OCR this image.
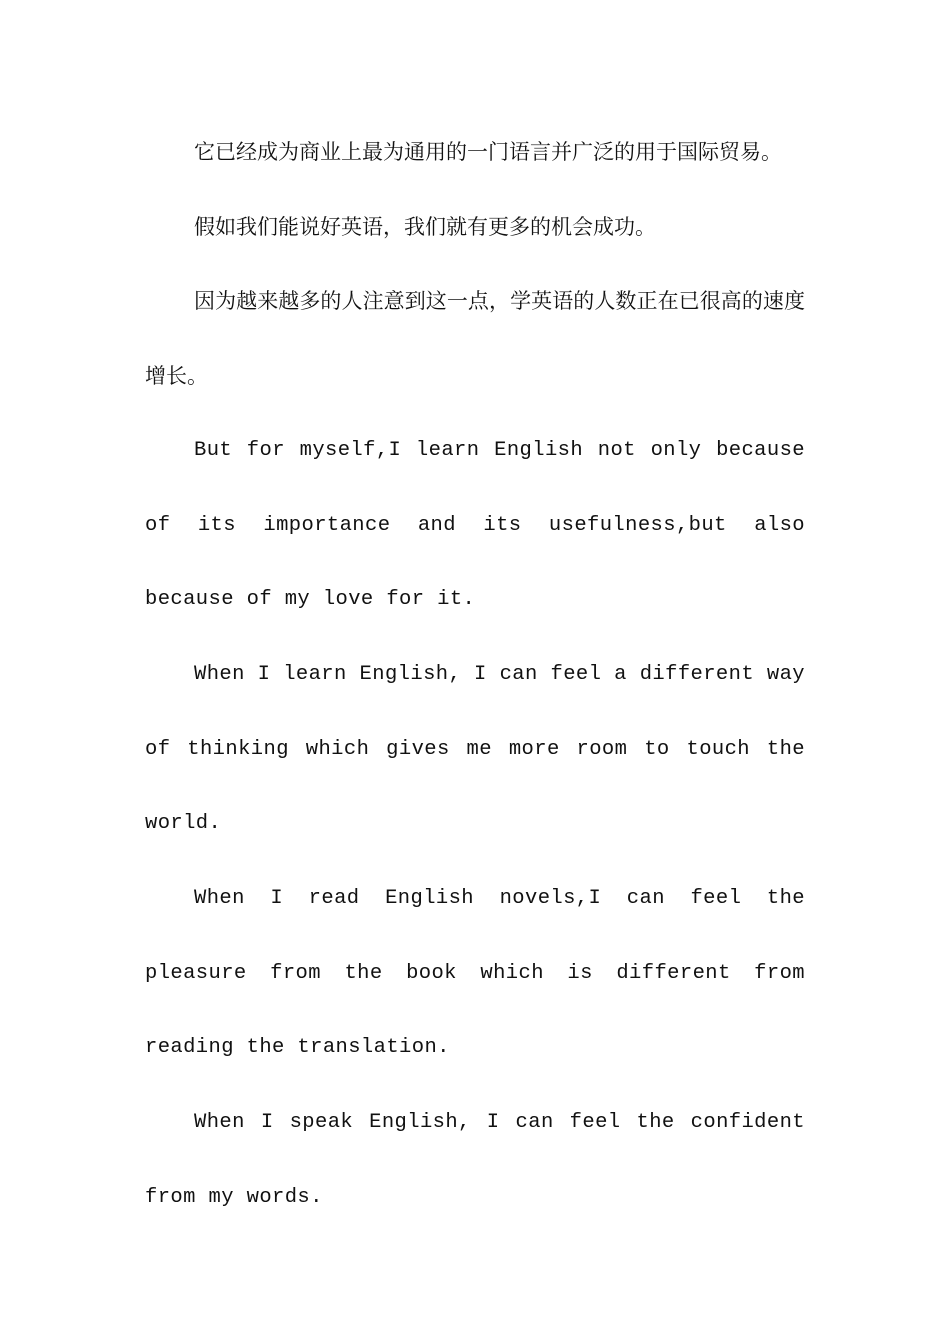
它已经成为商业上最为通用的一门语言并广泛的用于国际贸易。

假如我们能说好英语，我们就有更多的机会成功。

因为越来越多的人注意到这一点，学英语的人数正在已很高的速度增长。

But for myself,I learn English not only because of its importance and its usefulness,but also because of my love for it.

When I learn English, I can feel a different way of thinking which gives me more room to touch the world.

When I read English novels,I can feel the pleasure from the book which is different from reading the translation.

When I speak English, I can feel the confident from my words.
